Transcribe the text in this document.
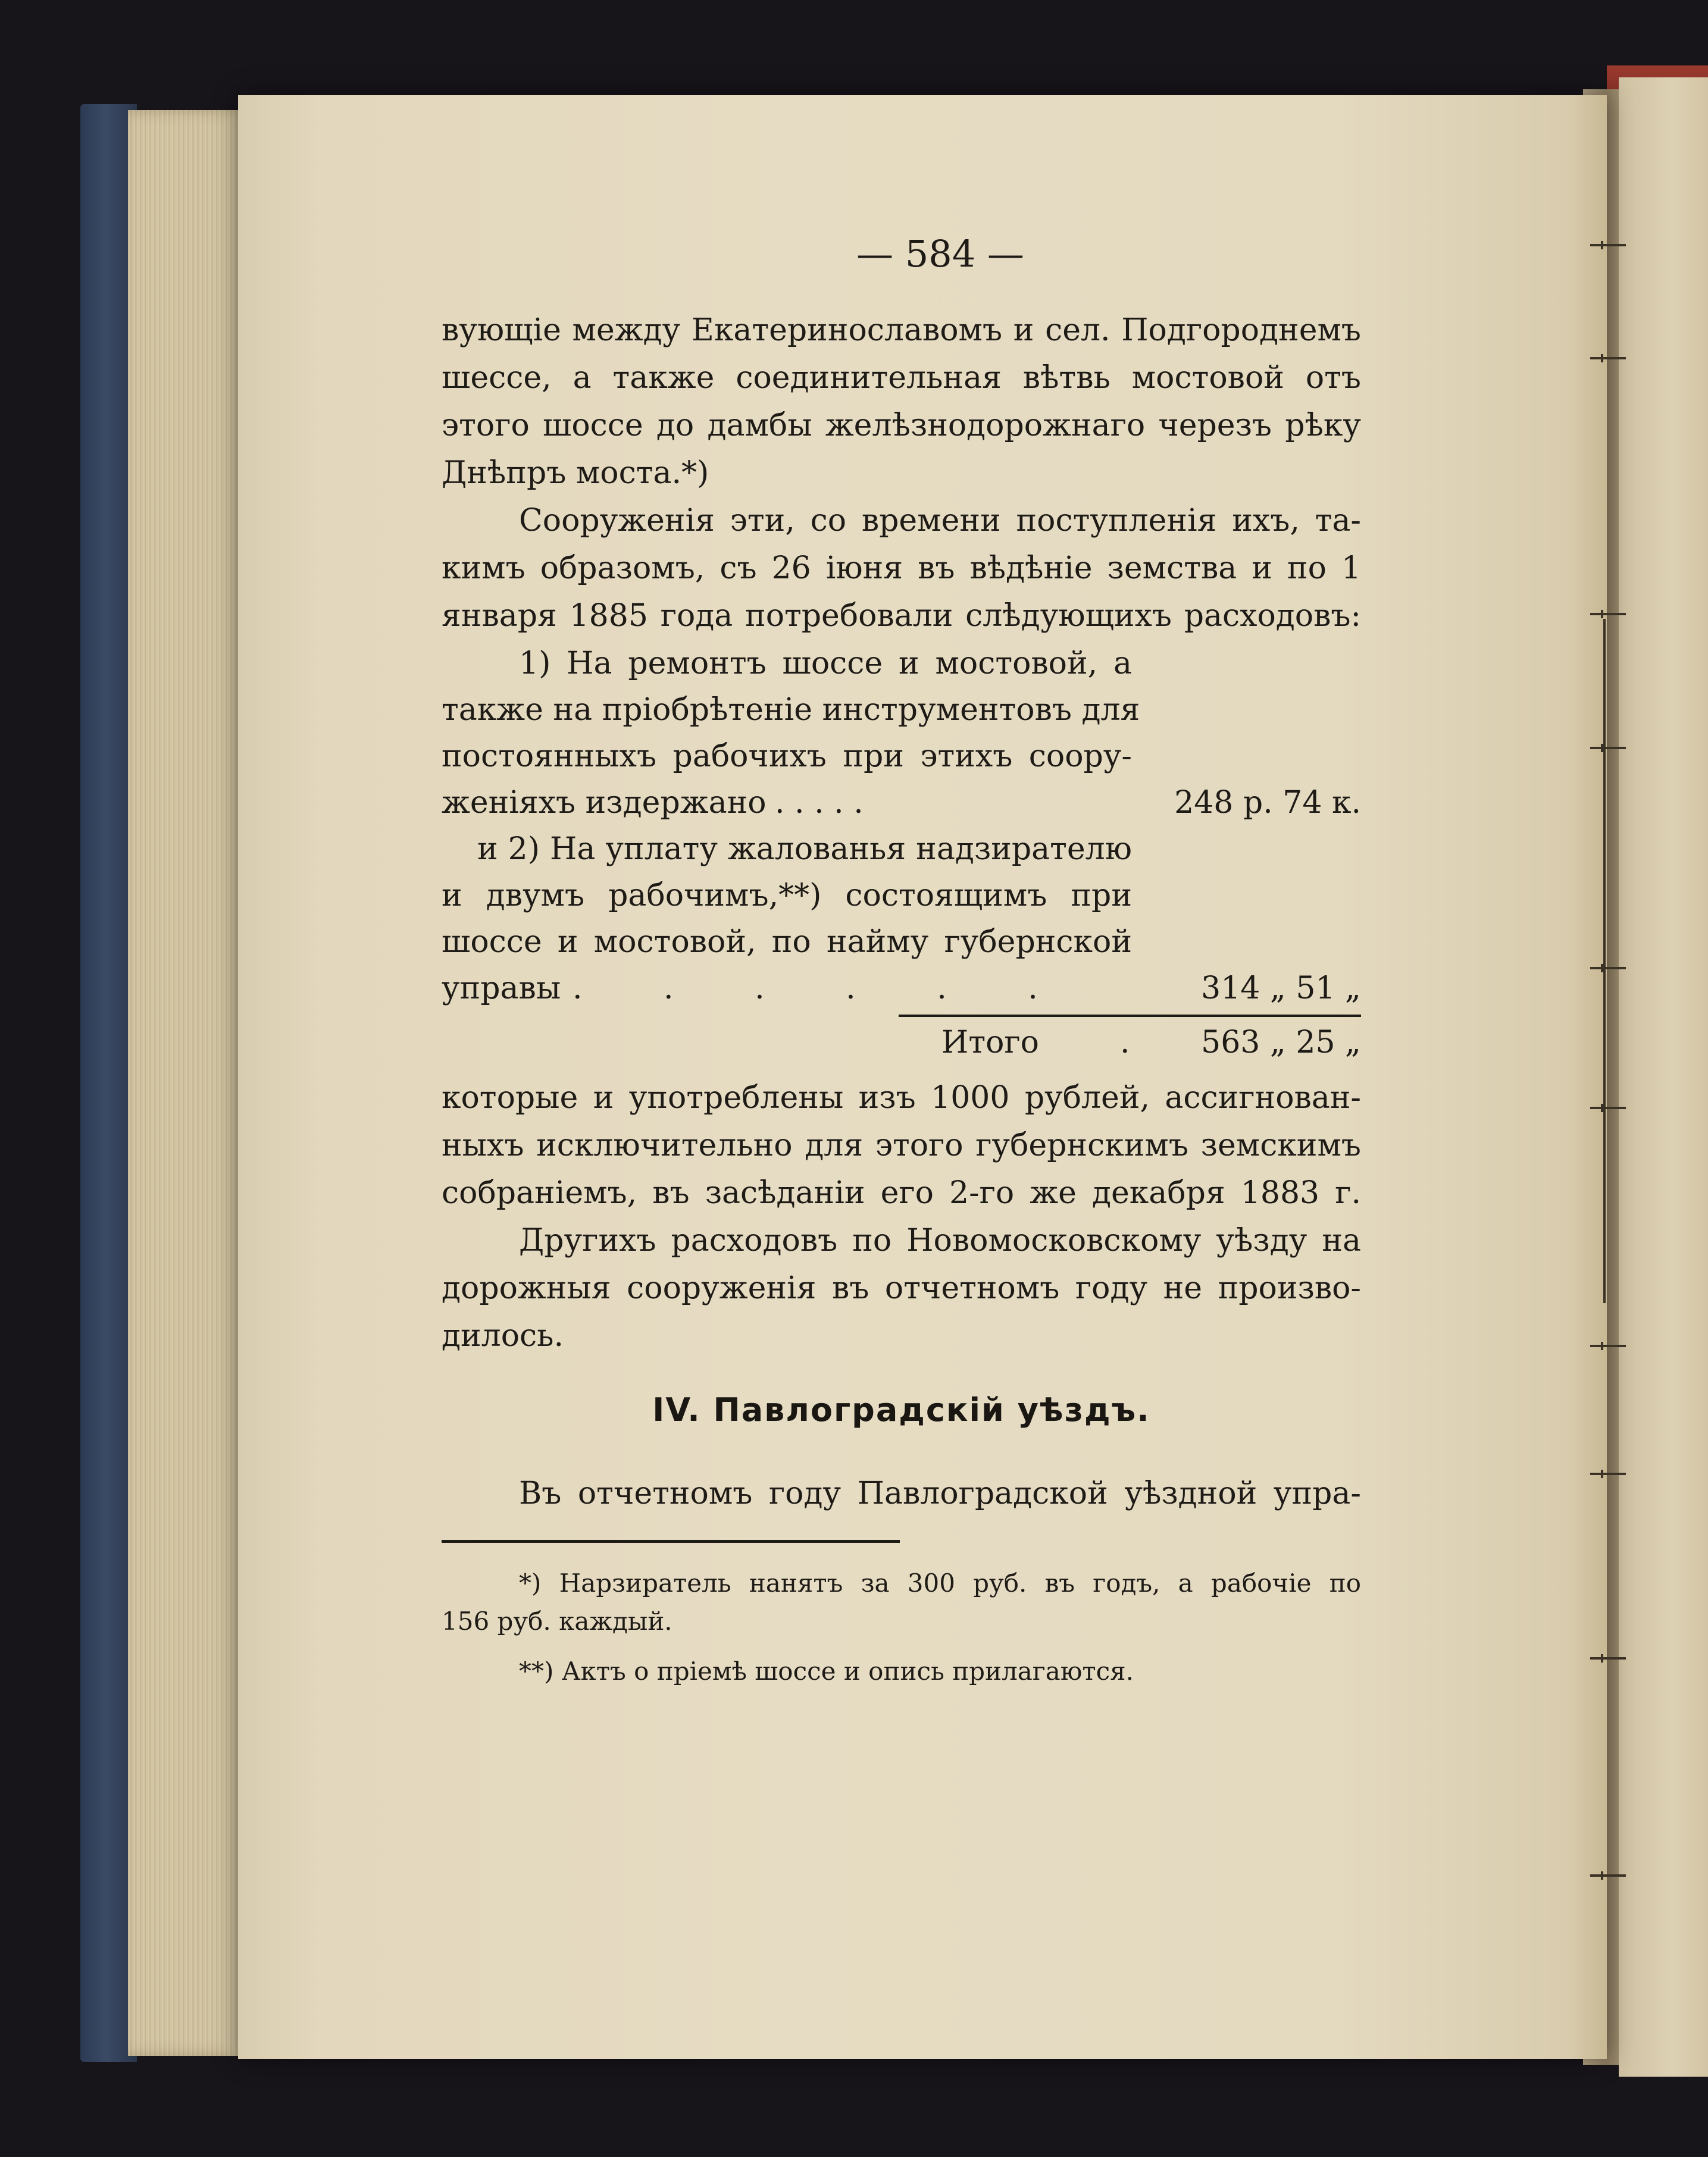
— 584 —
вующіе между Екатеринославомъ и сел. Подгороднемъ
шессе, а также соединительная вѣтвь мостовой отъ
этого шоссе до дамбы желѣзнодорожнаго черезъ рѣку
Днѣпръ моста.*)
Сооруженія эти, со времени поступленія ихъ, та-
кимъ образомъ, съ 26 іюня въ вѣдѣніе земства и по 1
января 1885 года потребовали слѣдующихъ расходовъ:
1) На ремонтъ шоссе и мостовой, а
также на пріобрѣтеніе инструментовъ для
постоянныхъ рабочихъ при этихъ соору-
женіяхъ издержано . . . . .	248 р. 74 к.
и 2) На уплату жалованья надзирателю
и двумъ рабочимъ,**) состоящимъ при
шоссе и мостовой, по найму губернской
управы . . . . . .	314 „ 51 „
Итого	.	563 „ 25 „
которые и употреблены изъ 1000 рублей, ассигнован-
ныхъ исключительно для этого губернскимъ земскимъ
собраніемъ, въ засѣданіи его 2-го же декабря 1883 г.
Другихъ расходовъ по Новомосковскому уѣзду на
дорожныя сооруженія въ отчетномъ году не произво-
дилось.
IV. Павлоградскій уѣздъ.
Въ отчетномъ году Павлоградской уѣздной упра-
*) Нарзиратель нанятъ за 300 руб. въ годъ, а рабочіе по
156 руб. каждый.
**) Актъ о пріемѣ шоссе и опись прилагаются.
